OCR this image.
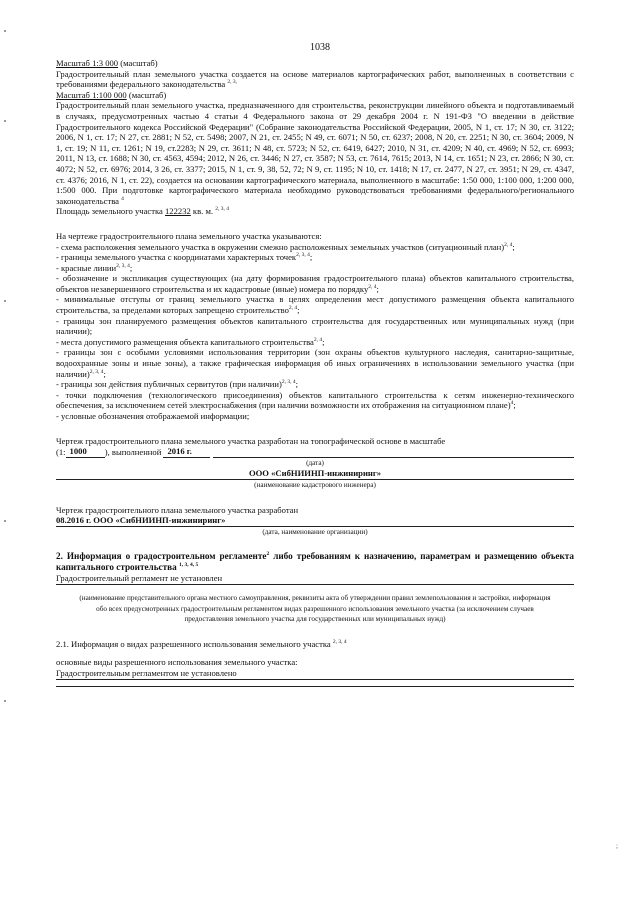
1038

Масштаб 1:3 000 (масштаб)

Градостроительный план земельного участка создается на основе материалов картографических работ, выполненных в соответствии с требованиями федерального законодательства $^{2, 3,}$

Масштаб 1:100 000 (масштаб)

Градостроительный план земельного участка, предназначенного для строительства, реконструкции линейного объекта и подготавливаемый в случаях, предусмотренных частью 4 статьи 4 Федерального закона от 29 декабря 2004 г. N 191-ФЗ "О введении в действие Градостроительного кодекса Российской Федерации" (Собрание законодательства Российской Федерации, 2005, N 1, ст. 17; N 30, ст. 3122; 2006, N 1, ст. 17; N 27, ст. 2881; N 52, ст. 5498; 2007, N 21, ст. 2455; N 49, ст. 6071; N 50, ст. 6237; 2008, N 20, ст. 2251; N 30, ст. 3604; 2009, N 1, ст. 19; N 11, ст. 1261; N 19, ст.2283; N 29, ст. 3611; N 48, ст. 5723; N 52, ст. 6419, 6427; 2010, N 31, ст. 4209; N 40, ст. 4969; N 52, ст. 6993; 2011, N 13, ст. 1688; N 30, ст. 4563, 4594; 2012, N 26, ст. 3446; N 27, ст. 3587; N 53, ст. 7614, 7615; 2013, N 14, ст. 1651; N 23, ст. 2866; N 30, ст. 4072; N 52, ст. 6976; 2014, 3 26, ст. 3377; 2015, N 1, ст. 9, 38, 52, 72; N 9, ст. 1195; N 10, ст. 1418; N 17, ст. 2477, N 27, ст. 3951; N 29, ст. 4347, ст. 4376; 2016, N 1, ст. 22), создается на основании картографического материала, выполненного в масштабе: 1:50 000, 1:100 000, 1:200 000, 1:500 000. При подготовке картографического материала необходимо руководствоваться требованиями федерального/регионального законодательства $^4$

Площадь земельного участка 122232 кв. м. $^{2, 3, 4}$

На чертеже градостроительного плана земельного участка указываются:

- схема расположения земельного участка в окружении смежно расположенных земельных участков (ситуационный план)$^{2, 4}$;

- границы земельного участка с координатами характерных точек$^{2, 3, 4}$;

- красные линии$^{2, 3, 4}$;

- обозначение и экспликация существующих (на дату формирования градостроительного плана) объектов капитального строительства, объектов незавершенного строительства и их кадастровые (иные) номера по порядку$^{2, 4}$;

- минимальные отступы от границ земельного участка в целях определения мест допустимого размещения объекта капитального строительства, за пределами которых запрещено строительство$^{2, 4}$;

- границы зон планируемого размещения объектов капитального строительства для государственных или муниципальных нужд (при наличии);

- места допустимого размещения объекта капитального строительства$^{2, 4}$;

- границы зон с особыми условиями использования территории (зон охраны объектов культурного наследия, санитарно-защитные, водоохранные зоны и иные зоны), а также графическая информация об иных ограничениях в использовании земельного участка (при наличии)$^{2, 3, 4}$;

- границы зон действия публичных сервитутов (при наличии)$^{2, 3, 4}$;

- точки подключения (технологического присоединения) объектов капитального строительства к сетям инженерно-технического обеспечения, за исключением сетей электроснабжения (при наличии возможности их отображения на ситуационном плане)$^4$;

- условные обозначения отображаемой информации;

Чертеж градостроительного плана земельного участка разработан на топографической основе в масштабе

(1: 1000	), выполненной
2016 г.
(дата)
ООО «СибНИИНП-инжиниринг»
(наименование кадастрового инженера)

Чертеж градостроительного плана земельного участка разработан

08.2016 г. ООО «СибНИИНП-инжиниринг»
(дата, наименование организации)

2. Информация о градостроительном регламенте$^2$ либо требованиям к назначению, параметрам и размещению объекта капитального строительства $^{1, 3, 4, 5}$

Градостроительный регламент не установлен
(наименование представительного органа местного самоуправления, реквизиты акта об утверждении правил землепользования и застройки, информация обо всех предусмотренных градостроительным регламентом видах разрешенного использования земельного участка (за исключением случаев предоставления земельного участка для государственных или муниципальных нужд)

2.1. Информация о видах разрешенного использования земельного участка $^{2, 3, 4}$

основные виды разрешенного использования земельного участка:

Градостроительным регламентом не установлено
;
